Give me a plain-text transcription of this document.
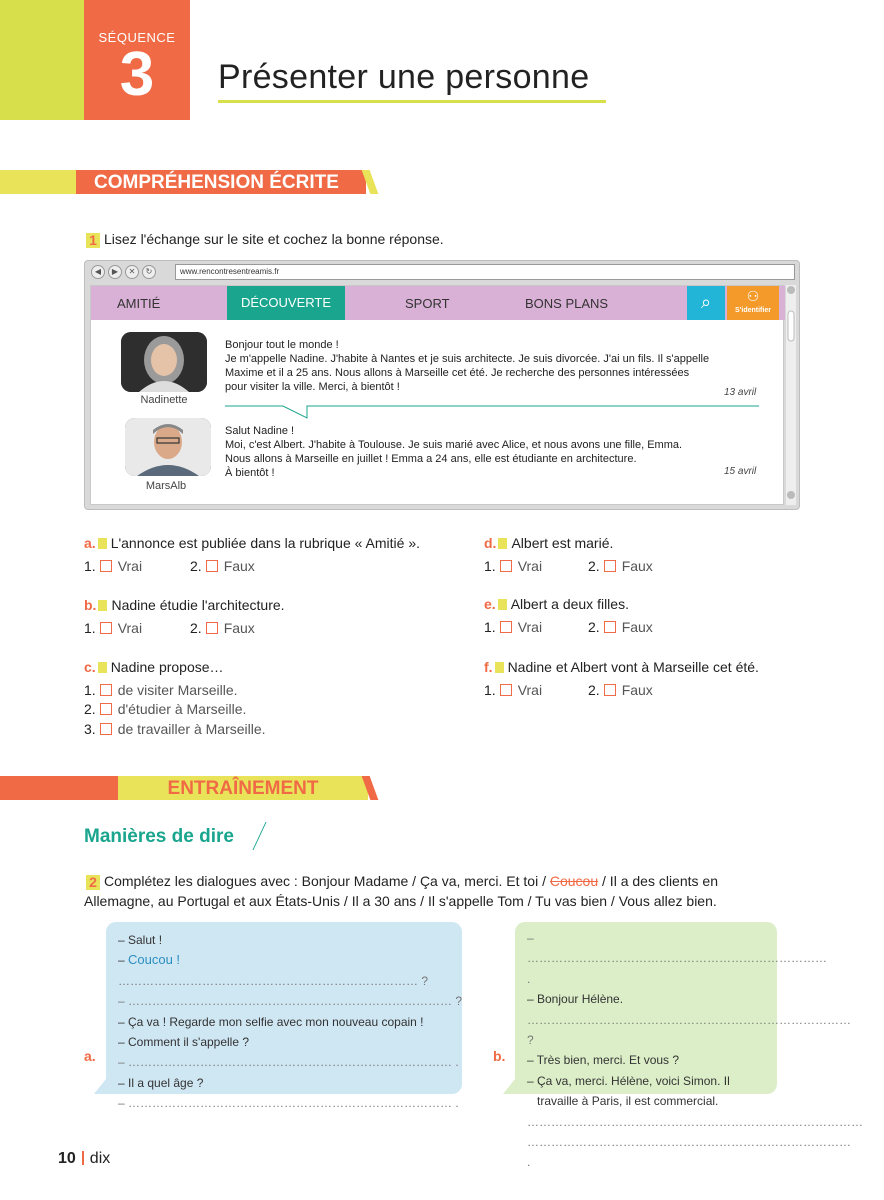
SÉQUENCE
3	Présenter une personne
COMPRÉHENSION ÉCRITE
1 Lisez l'échange sur le site et cochez la bonne réponse.
◀	▶	✕	↻	www.rencontresentreamis.fr
AMITIÉ	DÉCOUVERTE	SPORT	BONS PLANS	⌕	⚇
S'identifier
Nadinette
Bonjour tout le monde !
Je m'appelle Nadine. J'habite à Nantes et je suis architecte. Je suis divorcée. J'ai un fils. Il s'appelle
Maxime et il a 25 ans. Nous allons à Marseille cet été. Je recherche des personnes intéressées
pour visiter la ville. Merci, à bientôt !	13 avril
MarsAlb
Salut Nadine !
Moi, c'est Albert. J'habite à Toulouse. Je suis marié avec Alice, et nous avons une fille, Emma.
Nous allons à Marseille en juillet ! Emma a 24 ans, elle est étudiante en architecture.
À bientôt !	15 avril
a. L'annonce est publiée dans la rubrique « Amitié ».
1. Vrai	2. Faux
b. Nadine étudie l'architecture.
1. Vrai	2. Faux
c. Nadine propose…
1. de visiter Marseille.
2. d'étudier à Marseille.
3. de travailler à Marseille.
d. Albert est marié.
1. Vrai	2. Faux
e. Albert a deux filles.
1. Vrai	2. Faux
f. Nadine et Albert vont à Marseille cet été.
1. Vrai	2. Faux
ENTRAÎNEMENT
Manières de dire
2 Complétez les dialogues avec : Bonjour Madame / Ça va, merci. Et toi / Coucou / Il a des clients en
Allemagne, au Portugal et aux États-Unis / Il a 30 ans / Il s'appelle Tom / Tu vas bien / Vous allez bien.
– Salut !
– Coucou ! ………………………………………………………………… ?
– ……………………………………………………………………… ?
– Ça va ! Regarde mon selfie avec mon nouveau copain !
– Comment il s'appelle ?
– ……………………………………………………………………… .
– Il a quel âge ?
– ……………………………………………………………………… .
a.
– ………………………………………………………………… .
– Bonjour Hélène.
……………………………………………………………………… ?
– Très bien, merci. Et vous ?
– Ça va, merci. Hélène, voici Simon. Il
travaille à Paris, il est commercial.
…………………………………………………………………………
……………………………………………………………………… .
b.
10 dix
